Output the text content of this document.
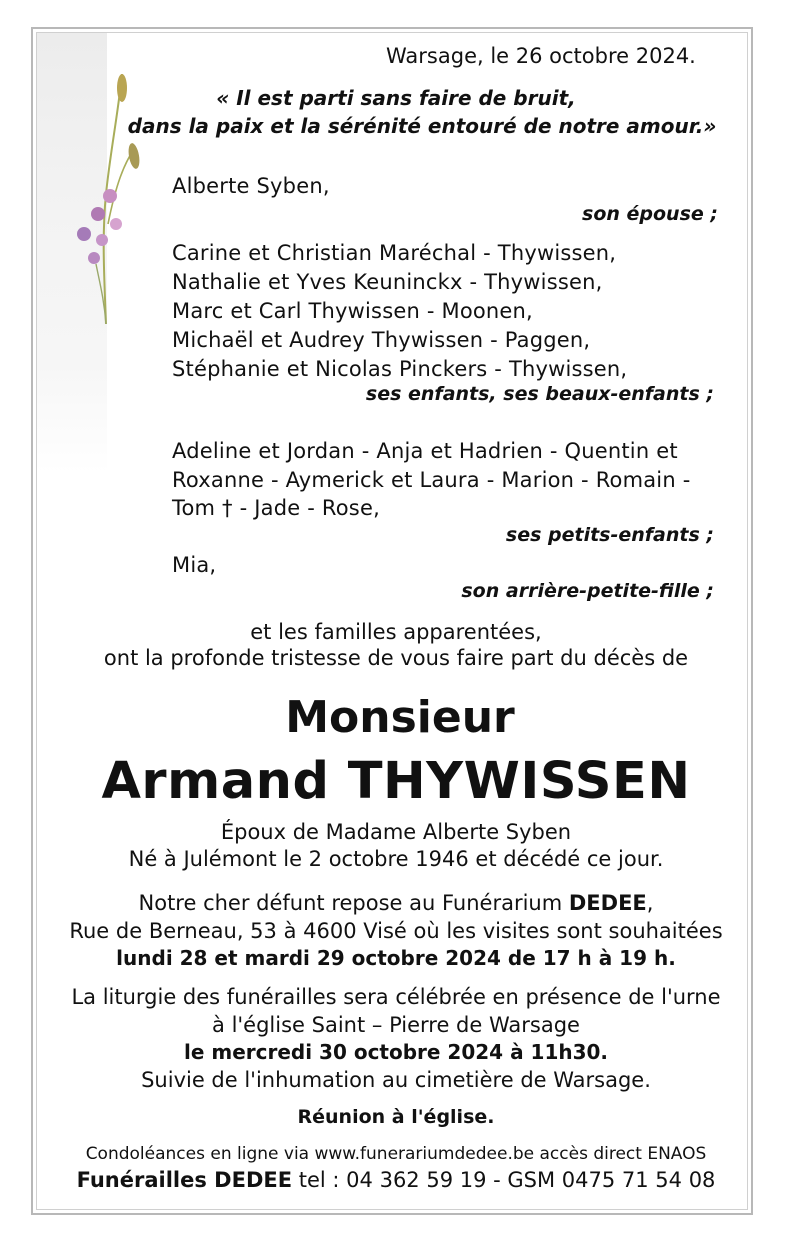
Warsage, le 26 octobre 2024.

« Il est parti sans faire de bruit,

dans la paix et la sérénité entouré de notre amour.»

Alberte Syben,

son épouse ;

Carine et Christian Maréchal - Thywissen,

Nathalie et Yves Keuninckx - Thywissen,

Marc et Carl Thywissen - Moonen,

Michaël et Audrey Thywissen - Paggen,

Stéphanie et Nicolas Pinckers - Thywissen,

ses enfants, ses beaux-enfants ;

Adeline et Jordan - Anja et Hadrien - Quentin et

Roxanne - Aymerick et Laura - Marion - Romain -

Tom † - Jade - Rose,

ses petits-enfants ;

Mia,

son arrière-petite-fille ;

et les familles apparentées,

ont la profonde tristesse de vous faire part du décès de

Monsieur

Armand THYWISSEN

Époux de Madame Alberte Syben

Né à Julémont le 2 octobre 1946 et décédé ce jour.

Notre cher défunt repose au Funérarium DEDEE,

Rue de Berneau, 53 à 4600 Visé où les visites sont souhaitées

lundi 28 et mardi 29 octobre 2024 de 17 h à 19 h.

La liturgie des funérailles sera célébrée en présence de l'urne

à l'église Saint – Pierre de Warsage

le mercredi 30 octobre 2024 à 11h30.

Suivie de l'inhumation au cimetière de Warsage.

Réunion à l'église.

Condoléances en ligne via www.funerariumdedee.be accès direct ENAOS

Funérailles DEDEE tel : 04 362 59 19 - GSM 0475 71 54 08
